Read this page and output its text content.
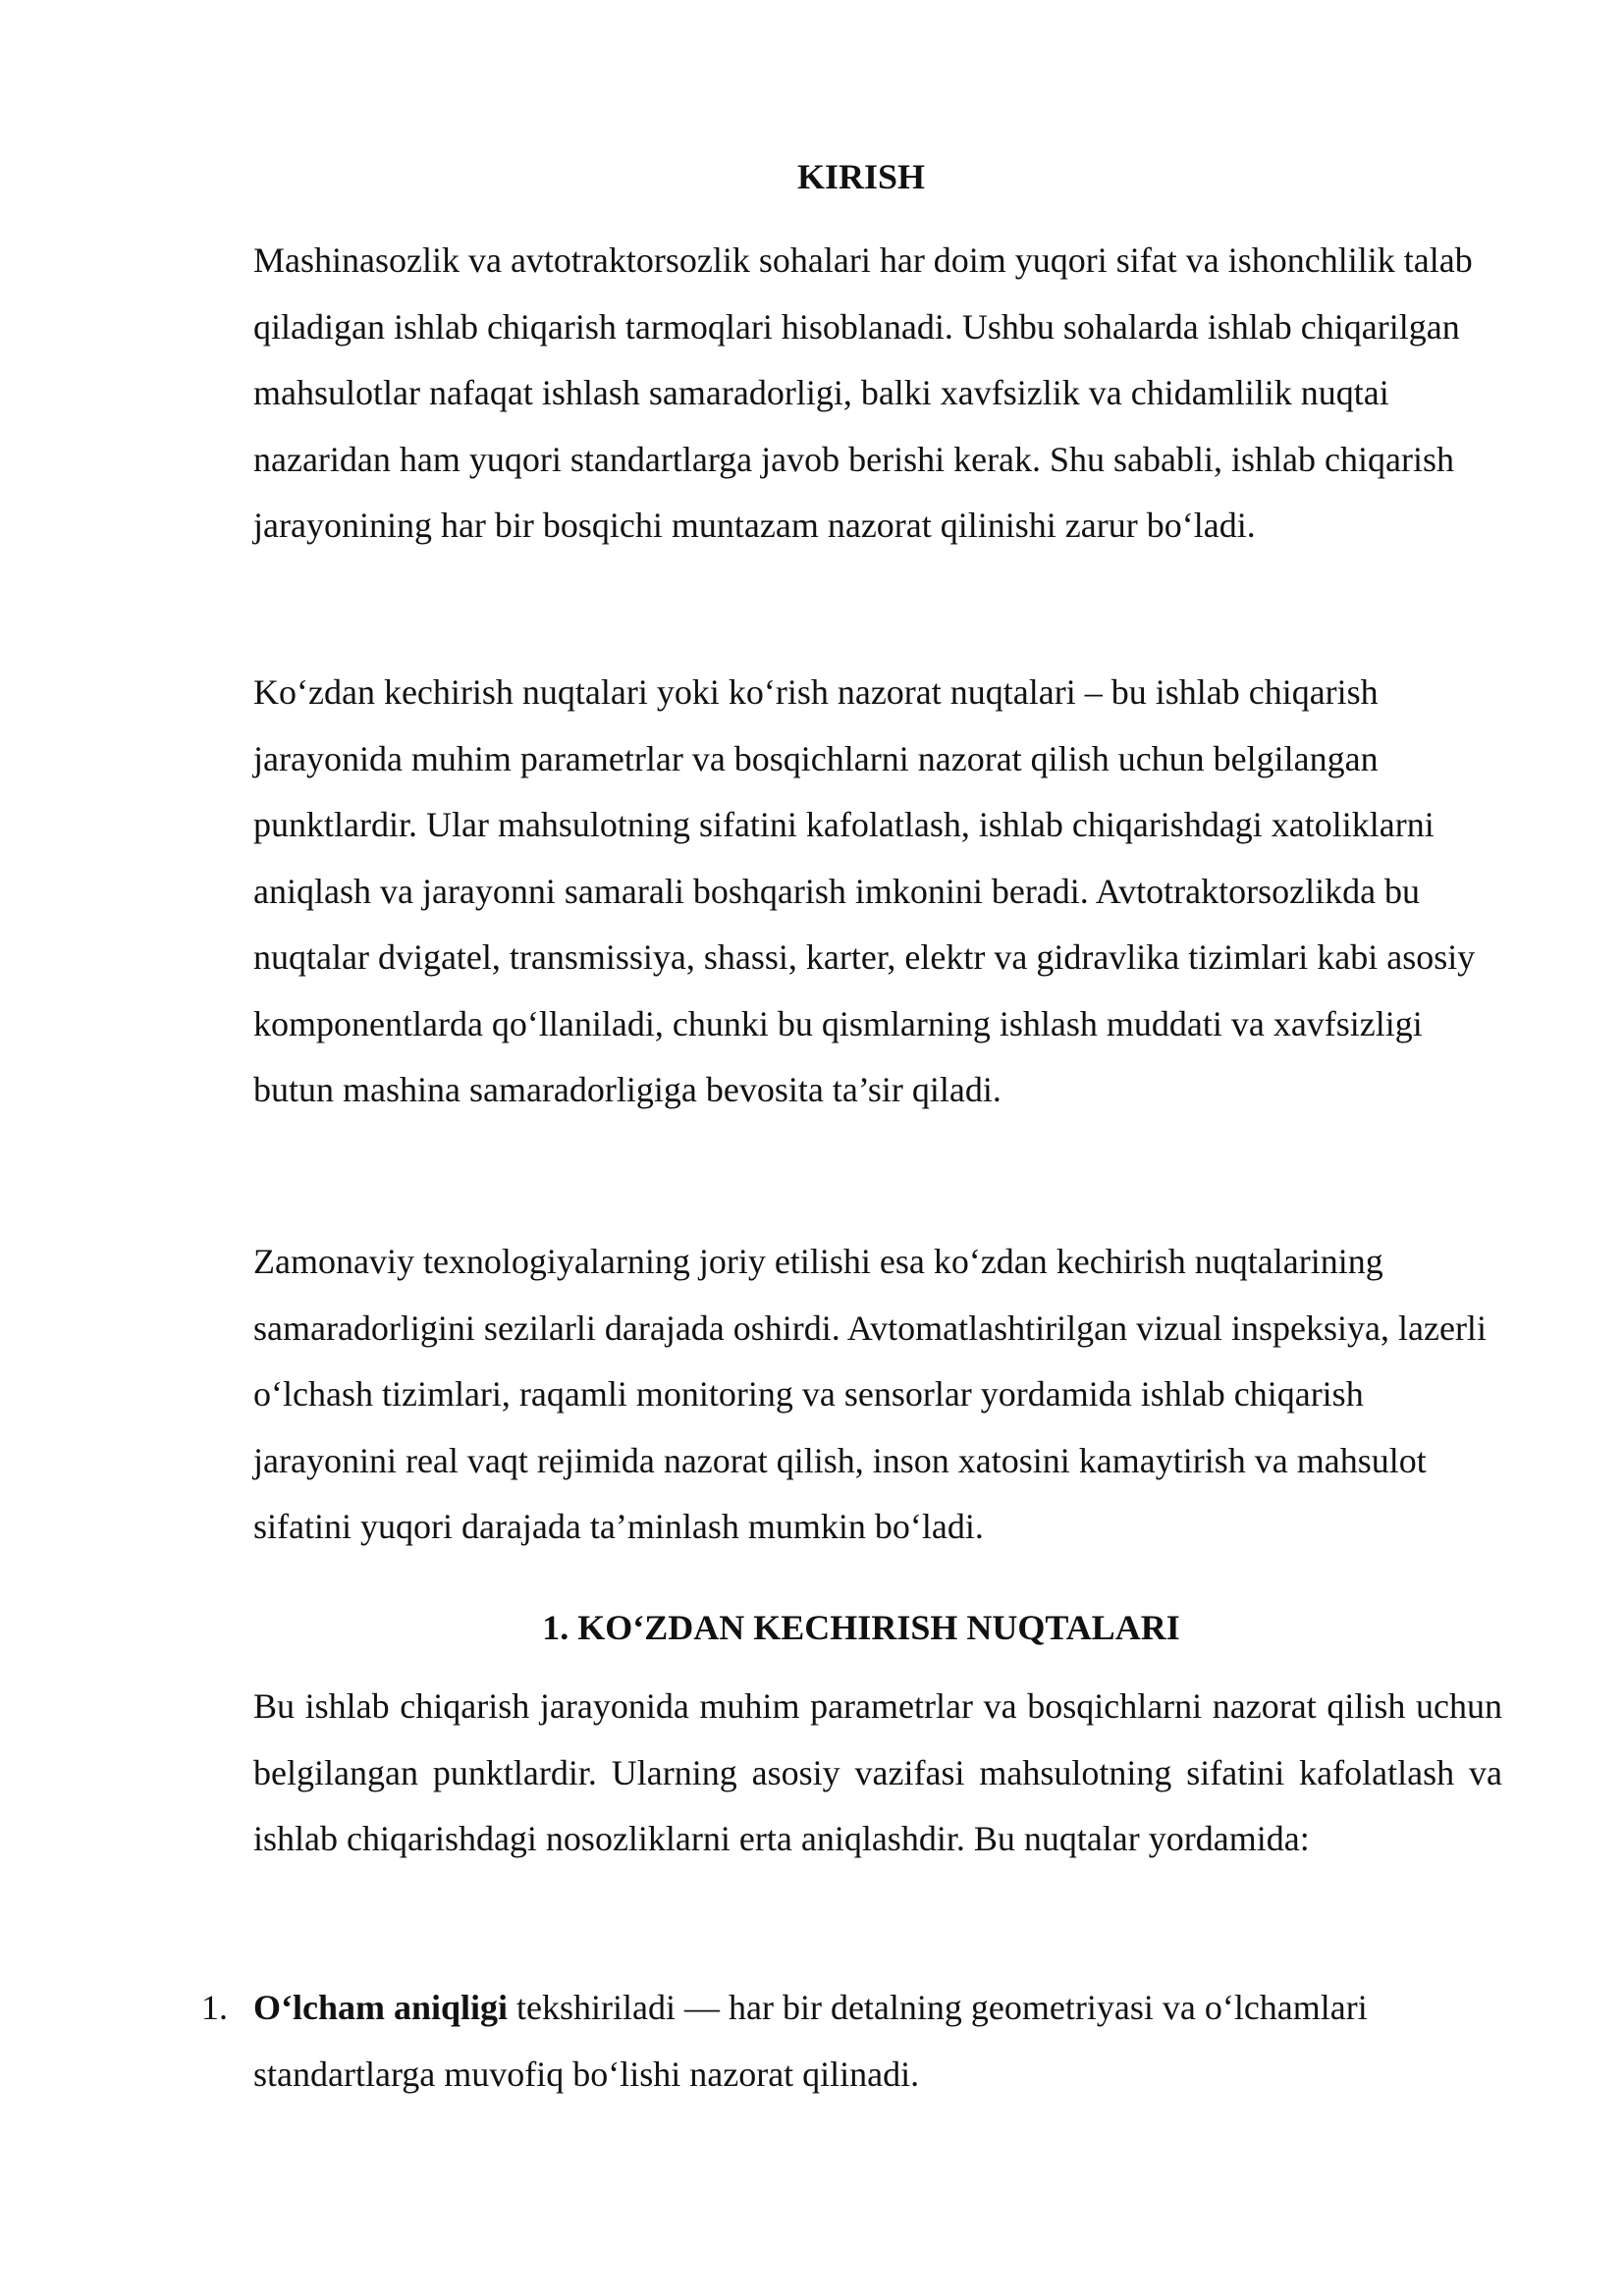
KIRISH

Mashinasozlik va avtotraktorsozlik sohalari har doim yuqori sifat va ishonchlilik talab qiladigan ishlab chiqarish tarmoqlari hisoblanadi. Ushbu sohalarda ishlab chiqarilgan mahsulotlar nafaqat ishlash samaradorligi, balki xavfsizlik va chidamlilik nuqtai nazaridan ham yuqori standartlarga javob berishi kerak. Shu sababli, ishlab chiqarish jarayonining har bir bosqichi muntazam nazorat qilinishi zarur bo‘ladi.

Ko‘zdan kechirish nuqtalari yoki ko‘rish nazorat nuqtalari – bu ishlab chiqarish jarayonida muhim parametrlar va bosqichlarni nazorat qilish uchun belgilangan punktlardir. Ular mahsulotning sifatini kafolatlash, ishlab chiqarishdagi xatoliklarni aniqlash va jarayonni samarali boshqarish imkonini beradi. Avtotraktorsozlikda bu nuqtalar dvigatel, transmissiya, shassi, karter, elektr va gidravlika tizimlari kabi asosiy komponentlarda qo‘llaniladi, chunki bu qismlarning ishlash muddati va xavfsizligi butun mashina samaradorligiga bevosita ta’sir qiladi.

Zamonaviy texnologiyalarning joriy etilishi esa ko‘zdan kechirish nuqtalarining samaradorligini sezilarli darajada oshirdi. Avtomatlashtirilgan vizual inspeksiya, lazerli o‘lchash tizimlari, raqamli monitoring va sensorlar yordamida ishlab chiqarish jarayonini real vaqt rejimida nazorat qilish, inson xatosini kamaytirish va mahsulot sifatini yuqori darajada ta’minlash mumkin bo‘ladi.

1. KO‘ZDAN KECHIRISH NUQTALARI

Bu ishlab chiqarish jarayonida muhim parametrlar va bosqichlarni nazorat qilish uchun belgilangan punktlardir. Ularning asosiy vazifasi mahsulotning sifatini kafolatlash va ishlab chiqarishdagi nosozliklarni erta aniqlashdir. Bu nuqtalar yordamida:

1. O‘lcham aniqligi tekshiriladi — har bir detalning geometriyasi va o‘lchamlari standartlarga muvofiq bo‘lishi nazorat qilinadi.
